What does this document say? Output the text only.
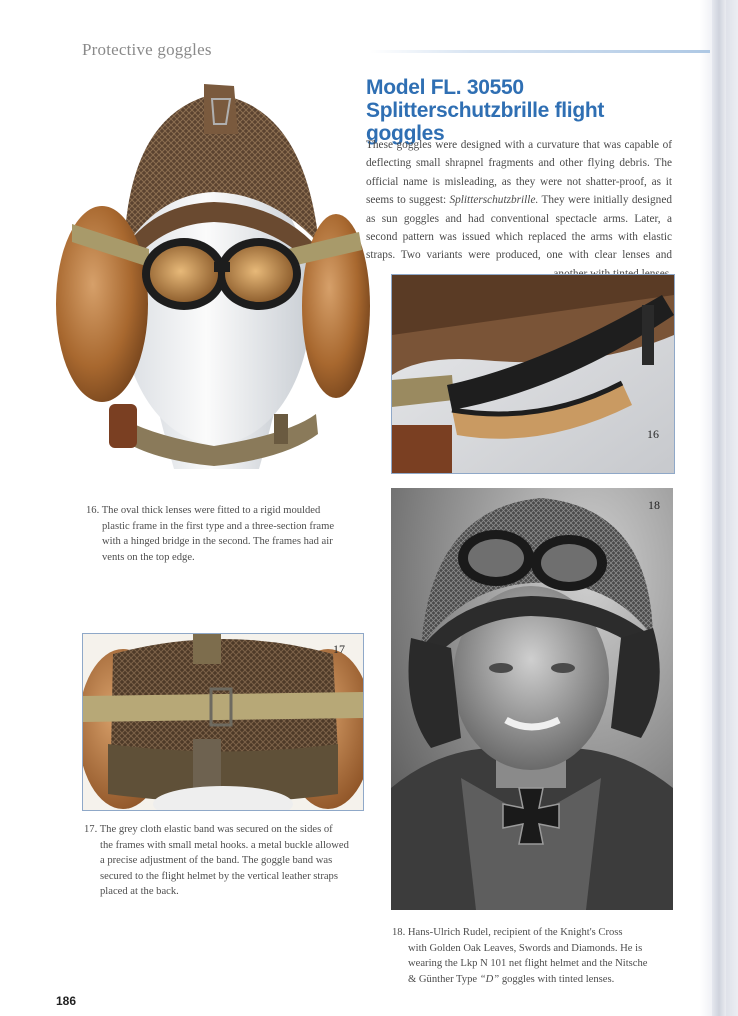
Protective goggles
Model FL. 30550
Splitterschutzbrille flight goggles
These goggles were designed with a curvature that was capable of deflecting small shrapnel fragments and other flying debris. The official name is misleading, as they were not shatter-proof, as it seems to suggest: Splitterschutzbrille. They were initially designed as sun goggles and had conventional spectacle arms. Later, a second pattern was issued which replaced the arms with elastic straps. Two variants were produced, one with clear lenses and
16
16. The oval thick lenses were fitted to a rigid moulded
plastic frame in the first type and a three-section frame
with a hinged bridge in the second. The frames had air
vents on the top edge.
17
17. The grey cloth elastic band was secured on the sides of
the frames with small metal hooks. a metal buckle allowed
a precise adjustment of the band. The goggle band was
secured to the flight helmet by the vertical leather straps
placed at the back.
18
18. Hans-Ulrich Rudel, recipient of the Knight's Cross
with Golden Oak Leaves, Swords and Diamonds. He is
wearing the Lkp N 101 net flight helmet and the Nitsche
& Günther Type “D” goggles with tinted lenses.
186
